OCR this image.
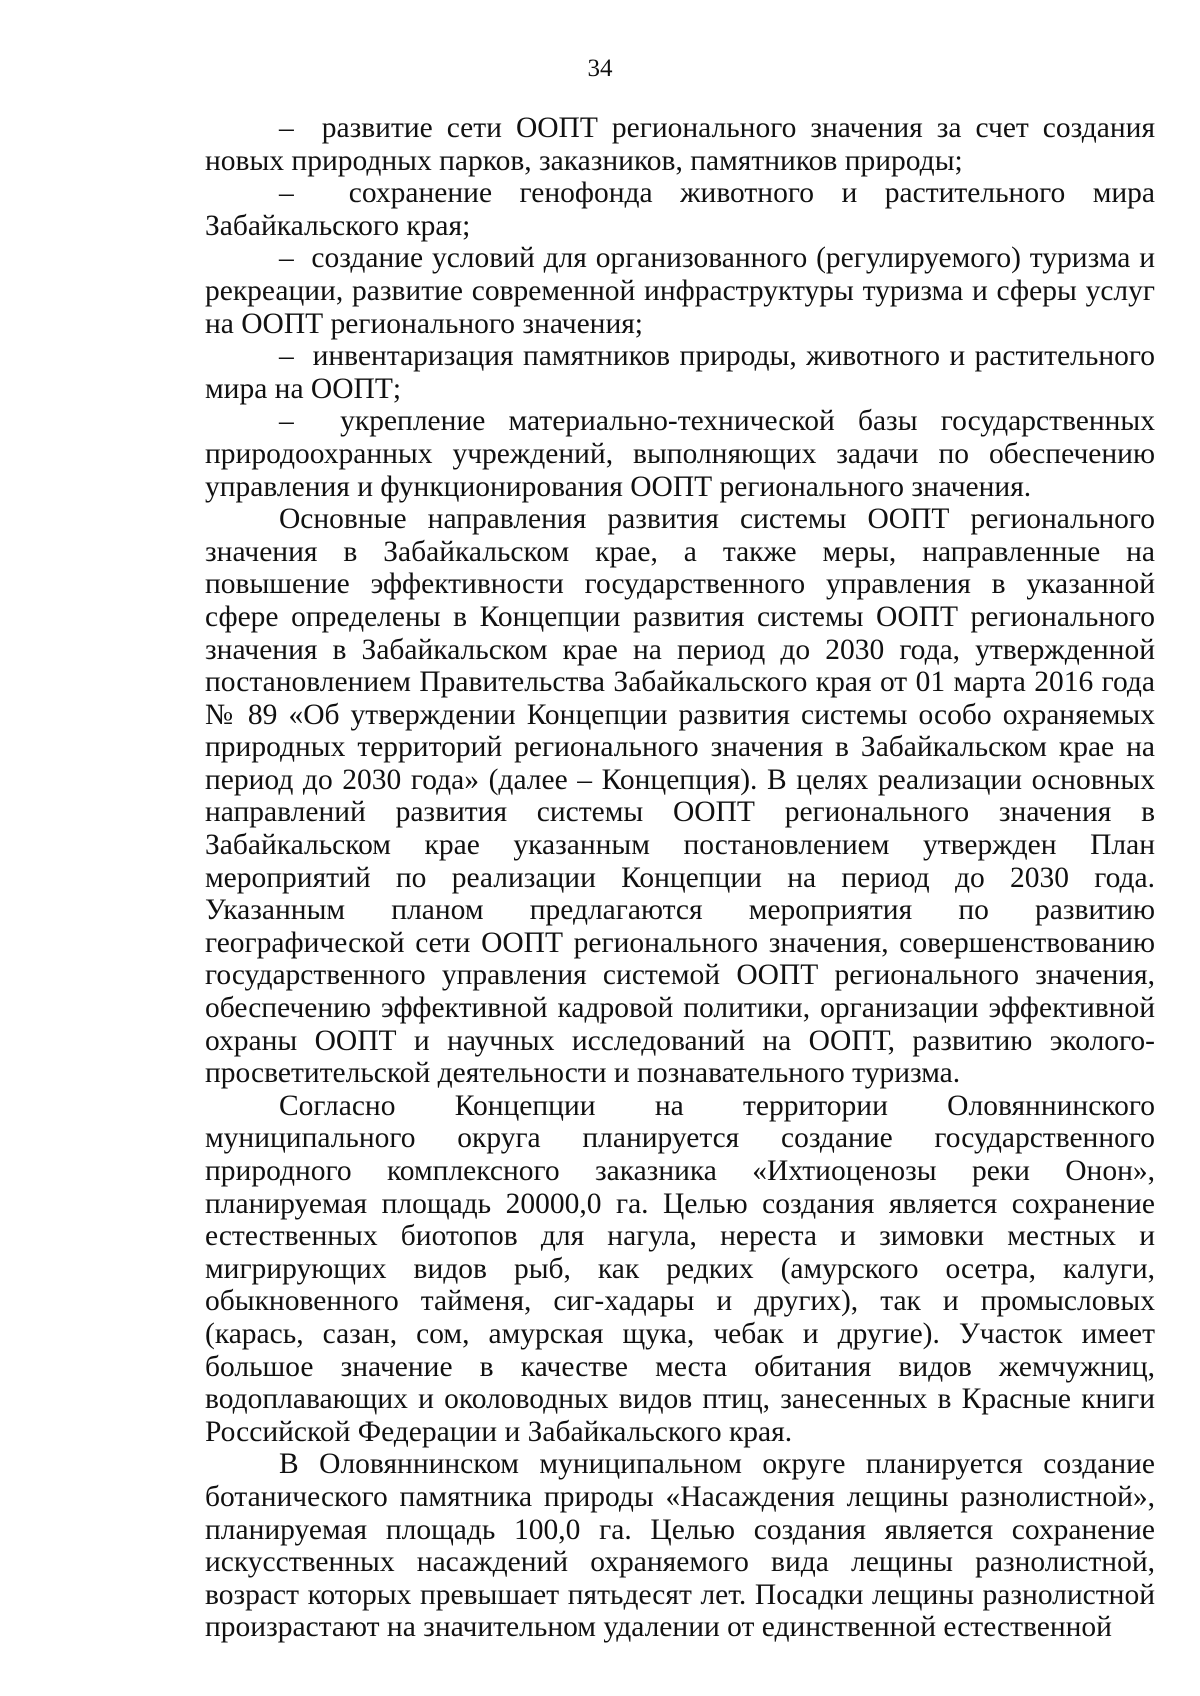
34

–  развитие сети ООПТ регионального значения за счет создания новых природных парков, заказников, памятников природы;

–  сохранение генофонда животного и растительного мира Забайкальского края;

–  создание условий для организованного (регулируемого) туризма и рекреации, развитие современной инфраструктуры туризма и сферы услуг на ООПТ регионального значения;

–  инвентаризация памятников природы, животного и растительного мира на ООПТ;

–  укрепление материально-технической базы государственных природоохранных учреждений, выполняющих задачи по обеспечению управления и функционирования ООПТ регионального значения.

Основные направления развития системы ООПТ регионального значения в Забайкальском крае, а также меры, направленные на повышение эффективности государственного управления в указанной сфере определены в Концепции развития системы ООПТ регионального значения в Забайкальском крае на период до 2030 года, утвержденной постановлением Правительства Забайкальского края от 01 марта 2016 года № 89 «Об утверждении Концепции развития системы особо охраняемых природных территорий регионального значения в Забайкальском крае на период до 2030 года» (далее – Концепция). В целях реализации основных направлений развития системы ООПТ регионального значения в Забайкальском крае указанным постановлением утвержден План мероприятий по реализации Концепции на период до 2030 года. Указанным планом предлагаются мероприятия по развитию географической сети ООПТ регионального значения, совершенствованию государственного управления системой ООПТ регионального значения, обеспечению эффективной кадровой политики, организации эффективной охраны ООПТ и научных исследований на ООПТ, развитию эколого-просветительской деятельности и познавательного туризма.

Согласно Концепции на территории Оловяннинского муниципального округа планируется создание государственного природного комплексного заказника «Ихтиоценозы реки Онон», планируемая площадь 20000,0 га. Целью создания является сохранение естественных биотопов для нагула, нереста и зимовки местных и мигрирующих видов рыб, как редких (амурского осетра, калуги, обыкновенного тайменя, сиг-хадары и других), так и промысловых (карась, сазан, сом, амурская щука, чебак и другие). Участок имеет большое значение в качестве места обитания видов жемчужниц, водоплавающих и околоводных видов птиц, занесенных в Красные книги Российской Федерации и Забайкальского края.

В Оловяннинском муниципальном округе планируется создание ботанического памятника природы «Насаждения лещины разнолистной», планируемая площадь 100,0 га. Целью создания является сохранение искусственных насаждений охраняемого вида лещины разнолистной, возраст которых превышает пятьдесят лет. Посадки лещины разнолистной произрастают на значительном удалении от единственной естественной
